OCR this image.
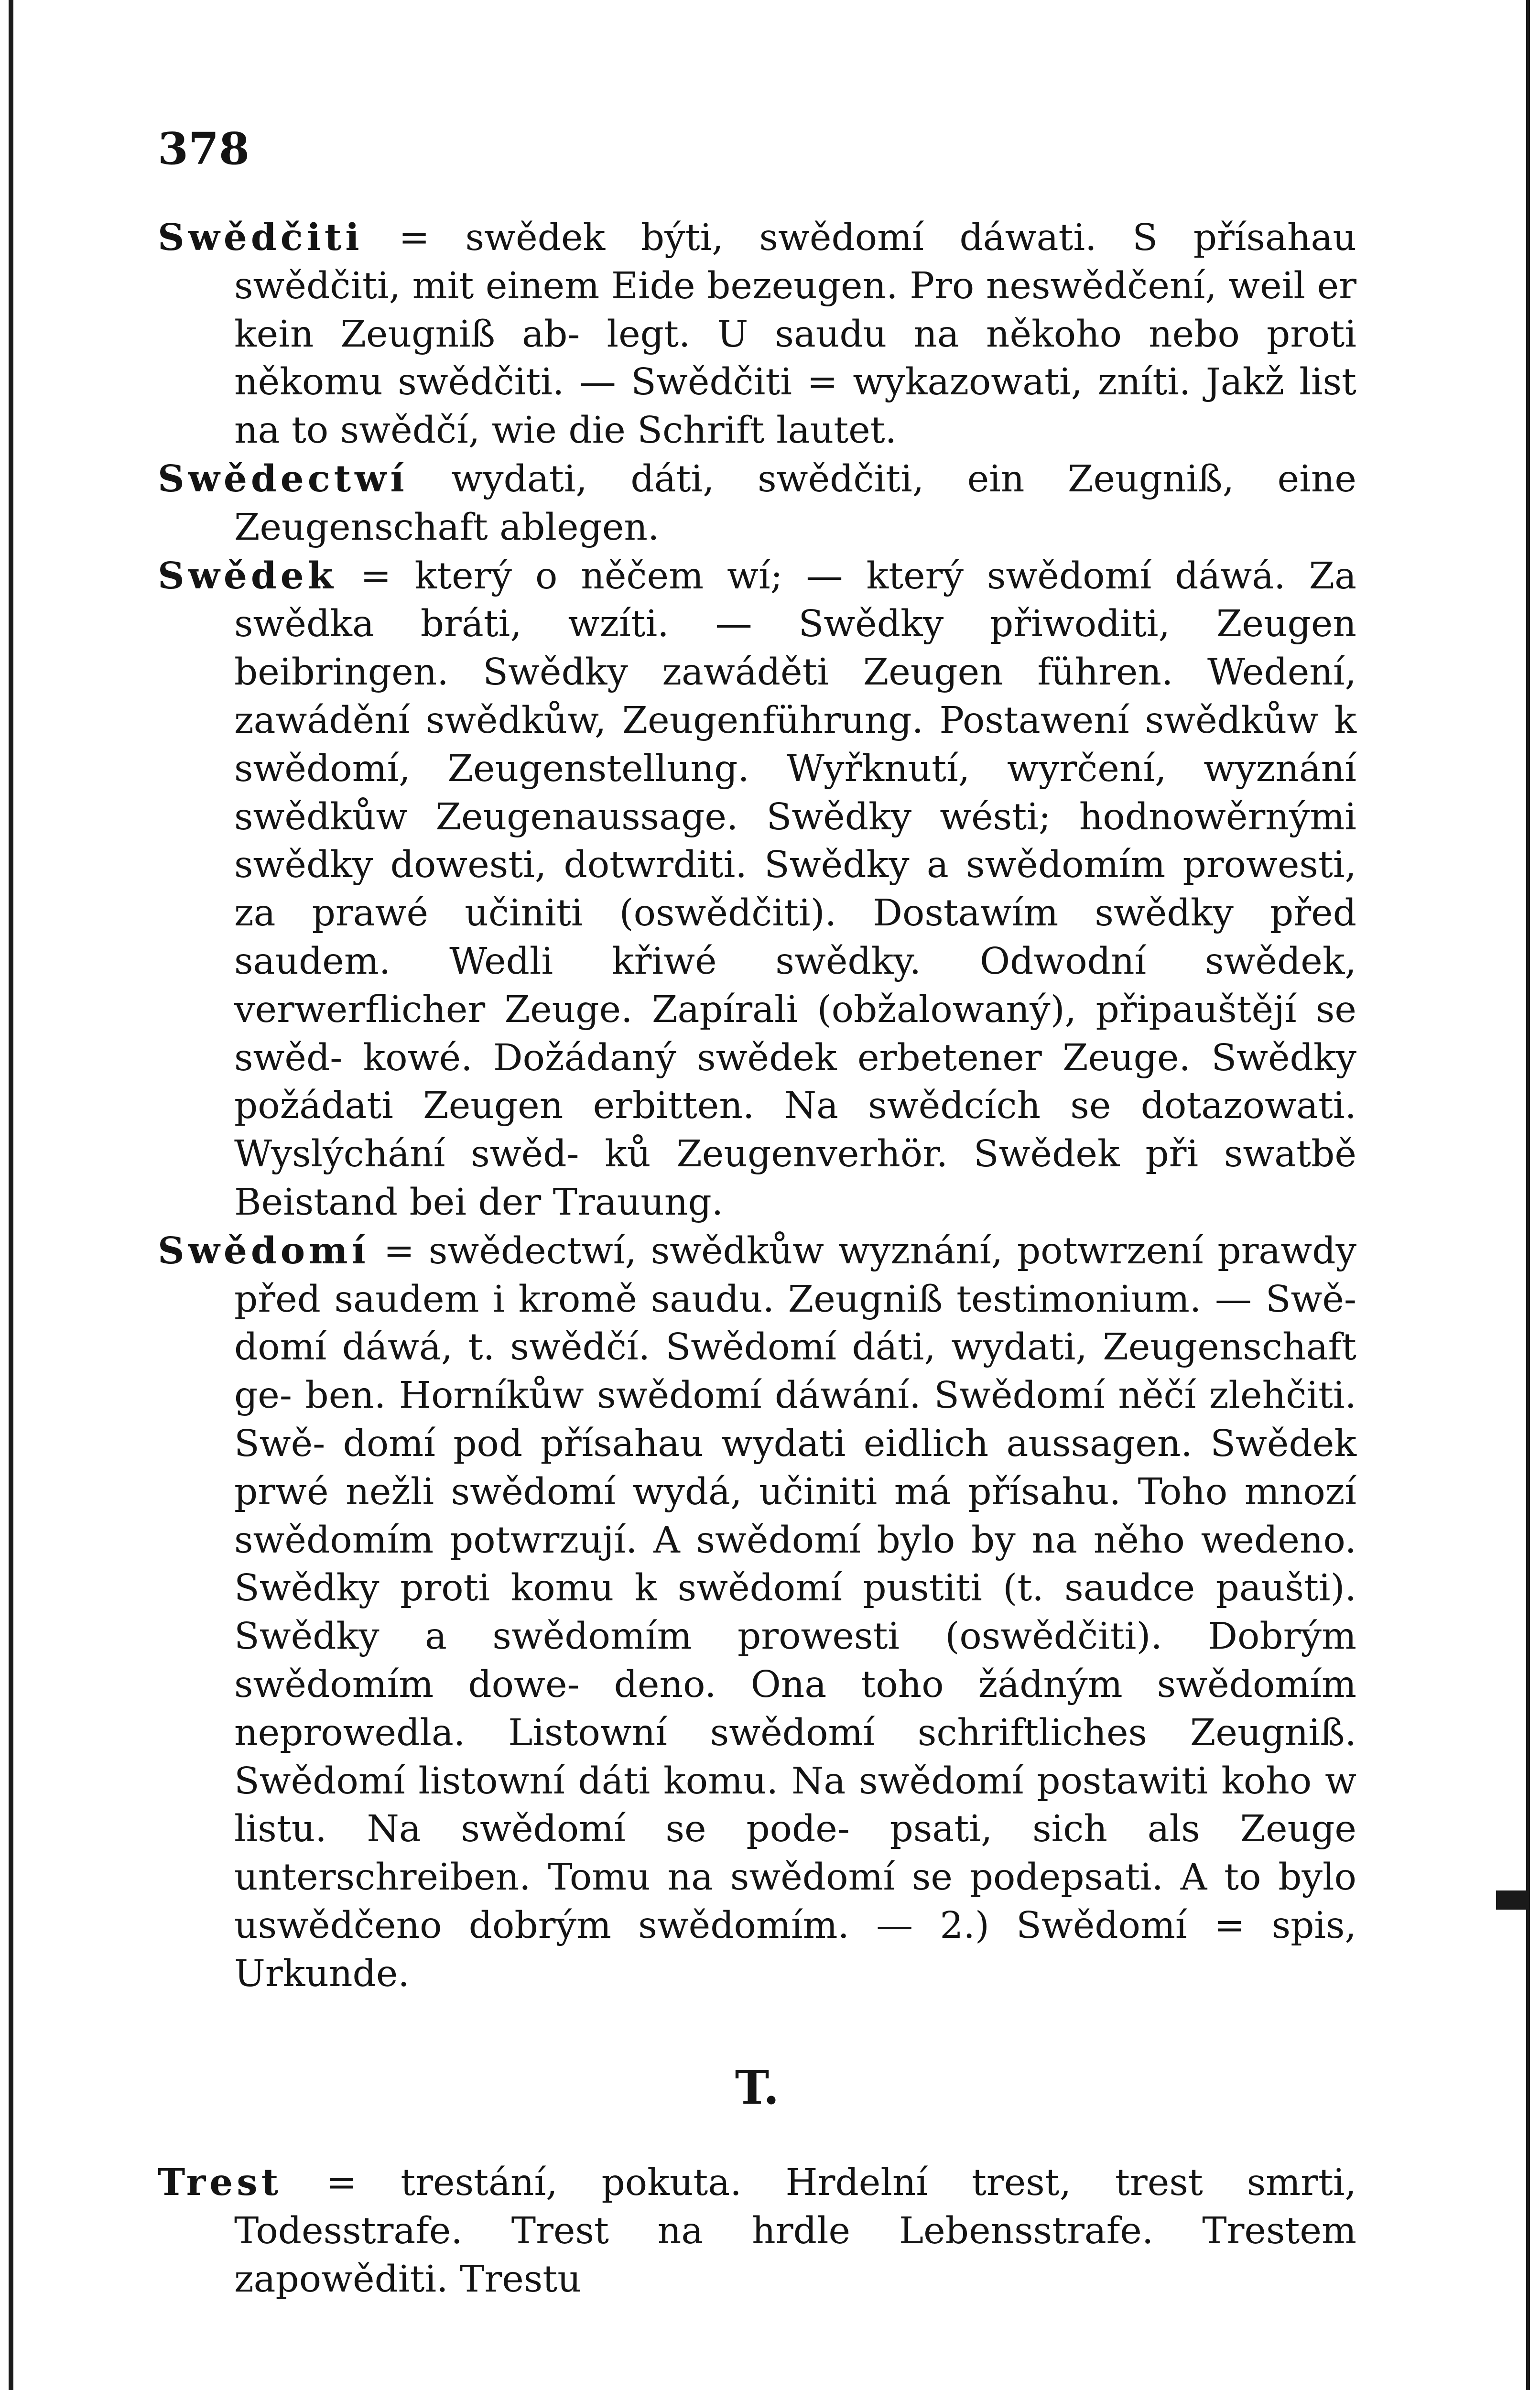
378

Swědčiti = swědek býti, swědomí dáwati. S přísahau swědčiti, mit einem Eide bezeugen. Pro neswědčení, weil er kein Zeugniß ab- legt. U saudu na někoho nebo proti někomu swědčiti. — Swědčiti = wykazowati, zníti. Jakž list na to swědčí, wie die Schrift lautet.

Swědectwí wydati, dáti, swědčiti, ein Zeugniß, eine Zeugenschaft ablegen.

Swědek = který o něčem wí; — který swědomí dáwá. Za swědka bráti, wzíti. — Swědky přiwoditi, Zeugen beibringen. Swědky zawáděti Zeugen führen. Wedení, zawádění swědkůw, Zeugenführung. Postawení swědkůw k swědomí, Zeugenstellung. Wyřknutí, wyrčení, wyznání swědkůw Zeugenaussage. Swědky wésti; hodnowěrnými swědky dowesti, dotwrditi. Swědky a swědomím prowesti, za prawé učiniti (oswědčiti). Dostawím swědky před saudem. Wedli křiwé swědky. Odwodní swědek, verwerflicher Zeuge. Zapírali (obžalowaný), připauštějí se swěd- kowé. Dožádaný swědek erbetener Zeuge. Swědky požádati Zeugen erbitten. Na swědcích se dotazowati. Wyslýchání swěd- ků Zeugenverhör. Swědek při swatbě Beistand bei der Trauung.

Swědomí = swědectwí, swědkůw wyznání, potwrzení prawdy před saudem i kromě saudu. Zeugniß testimonium. — Swě- domí dáwá, t. swědčí. Swědomí dáti, wydati, Zeugenschaft ge- ben. Horníkůw swědomí dáwání. Swědomí něčí zlehčiti. Swě- domí pod přísahau wydati eidlich aussagen. Swědek prwé nežli swědomí wydá, učiniti má přísahu. Toho mnozí swědomím potwrzují. A swědomí bylo by na něho wedeno. Swědky proti komu k swědomí pustiti (t. saudce paušti). Swědky a swědomím prowesti (oswědčiti). Dobrým swědomím dowe- deno. Ona toho žádným swědomím neprowedla. Listowní swědomí schriftliches Zeugniß. Swědomí listowní dáti komu. Na swědomí postawiti koho w listu. Na swědomí se pode- psati, sich als Zeuge unterschreiben. Tomu na swědomí se podepsati. A to bylo uswědčeno dobrým swědomím. — 2.) Swědomí = spis, Urkunde.

T.

Trest = trestání, pokuta. Hrdelní trest, trest smrti, Todesstrafe. Trest na hrdle Lebensstrafe. Trestem zapowěditi. Trestu
